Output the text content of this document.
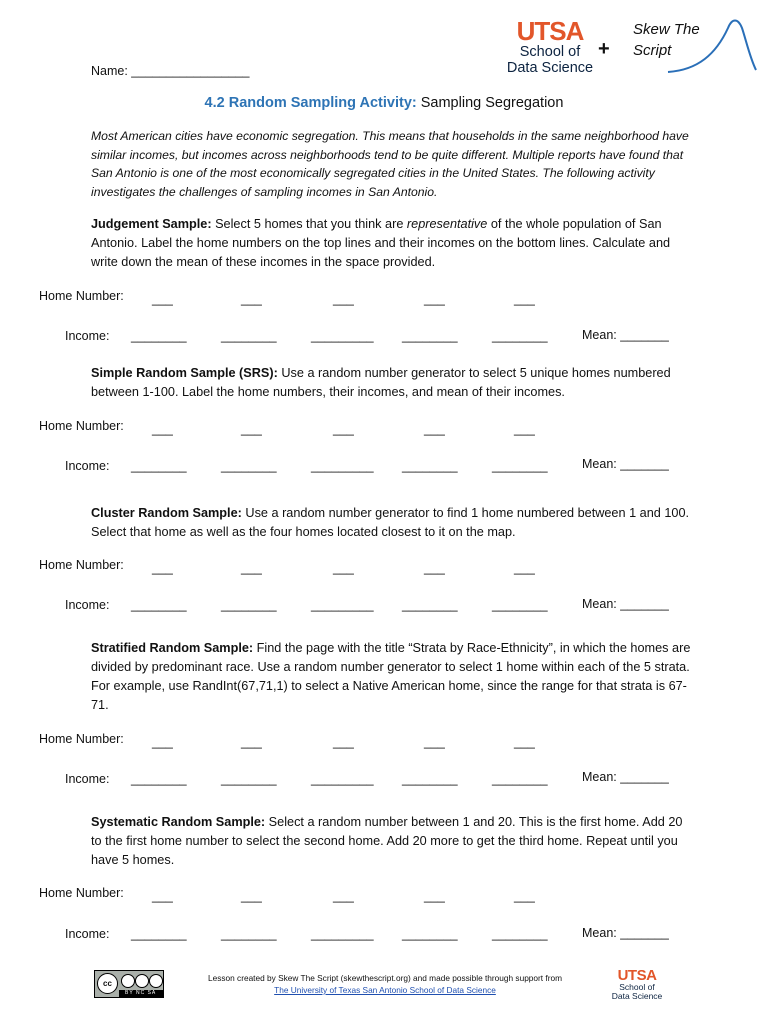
UTSA
School of
Data Science
+
Skew The
Script
Name: _________________
4.2 Random Sampling Activity: Sampling Segregation
Most American cities have economic segregation. This means that households in the same neighborhood have similar incomes, but incomes across neighborhoods tend to be quite different. Multiple reports have found that San Antonio is one of the most economically segregated cities in the United States. The following activity investigates the challenges of sampling incomes in San Antonio.
Judgement Sample: Select 5 homes that you think are representative of the whole population of San Antonio. Label the home numbers on the top lines and their incomes on the bottom lines. Calculate and write down the mean of these incomes in the space provided.
Home Number: ___	___	___	___	___
Income: ________	________	_________ ________	________	Mean: _______
Simple Random Sample (SRS): Use a random number generator to select 5 unique homes numbered between 1-100. Label the home numbers, their incomes, and mean of their incomes.
Home Number: ___	___	___	___	___
Income: ________	________	_________ ________	________	Mean: _______
Cluster Random Sample: Use a random number generator to find 1 home numbered between 1 and 100. Select that home as well as the four homes located closest to it on the map.
Home Number: ___	___	___	___	___
Income: ________	________	_________ ________	________	Mean: _______
Stratified Random Sample: Find the page with the title “Strata by Race-Ethnicity”, in which the homes are divided by predominant race. Use a random number generator to select 1 home within each of the 5 strata. For example, use RandInt(67,71,1) to select a Native American home, since the range for that strata is 67-71.
Home Number: ___	___	___	___	___
Income: ________	________	_________ ________	________	Mean: _______
Systematic Random Sample: Select a random number between 1 and 20. This is the first home. Add 20 to the first home number to select the second home. Add 20 more to get the third home. Repeat until you have 5 homes.
Home Number: ___	___	___	___	___
Income: ________	________	_________ ________	________	Mean: _______
cc
BY NC SA
Lesson created by Skew The Script (skewthescript.org) and made possible through support from The University of Texas San Antonio School of Data Science
UTSA
School of
Data Science
